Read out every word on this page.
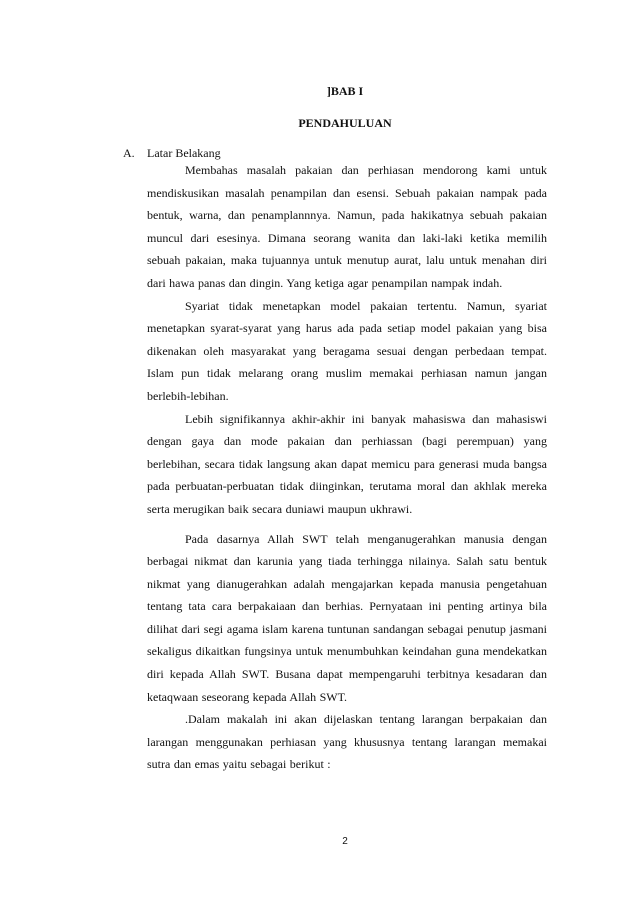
]BAB I
PENDAHULUAN
A. Latar Belakang

Membahas masalah pakaian dan perhiasan mendorong kami untuk mendiskusikan masalah penampilan dan esensi. Sebuah pakaian nampak pada bentuk, warna, dan penamplannnya. Namun, pada hakikatnya sebuah pakaian muncul dari esesinya. Dimana seorang wanita dan laki-laki ketika memilih sebuah pakaian, maka tujuannya untuk menutup aurat, lalu untuk menahan diri dari hawa panas dan dingin. Yang ketiga agar penampilan nampak indah.

Syariat tidak menetapkan model pakaian tertentu. Namun, syariat menetapkan syarat-syarat yang harus ada pada setiap model pakaian yang bisa dikenakan oleh masyarakat yang beragama sesuai dengan perbedaan tempat. Islam pun tidak melarang orang muslim memakai perhiasan namun jangan berlebih-lebihan.

Lebih signifikannya akhir-akhir ini banyak mahasiswa dan mahasiswi dengan gaya dan mode pakaian dan perhiassan (bagi perempuan) yang berlebihan, secara tidak langsung akan dapat memicu para generasi muda bangsa pada perbuatan-perbuatan tidak diinginkan, terutama moral dan akhlak mereka serta merugikan baik secara duniawi maupun ukhrawi.

Pada dasarnya Allah SWT telah menganugerahkan manusia dengan berbagai nikmat dan karunia yang tiada terhingga nilainya. Salah satu bentuk nikmat yang dianugerahkan adalah mengajarkan kepada manusia pengetahuan tentang tata cara berpakaiaan dan berhias. Pernyataan ini penting artinya bila dilihat dari segi agama islam karena tuntunan sandangan sebagai penutup jasmani sekaligus dikaitkan fungsinya untuk menumbuhkan keindahan guna mendekatkan diri kepada Allah SWT. Busana dapat mempengaruhi terbitnya kesadaran dan ketaqwaan seseorang kepada Allah SWT.

.Dalam makalah ini akan dijelaskan tentang larangan berpakaian dan larangan menggunakan perhiasan yang khususnya tentang larangan memakai sutra dan emas yaitu sebagai berikut :

2
